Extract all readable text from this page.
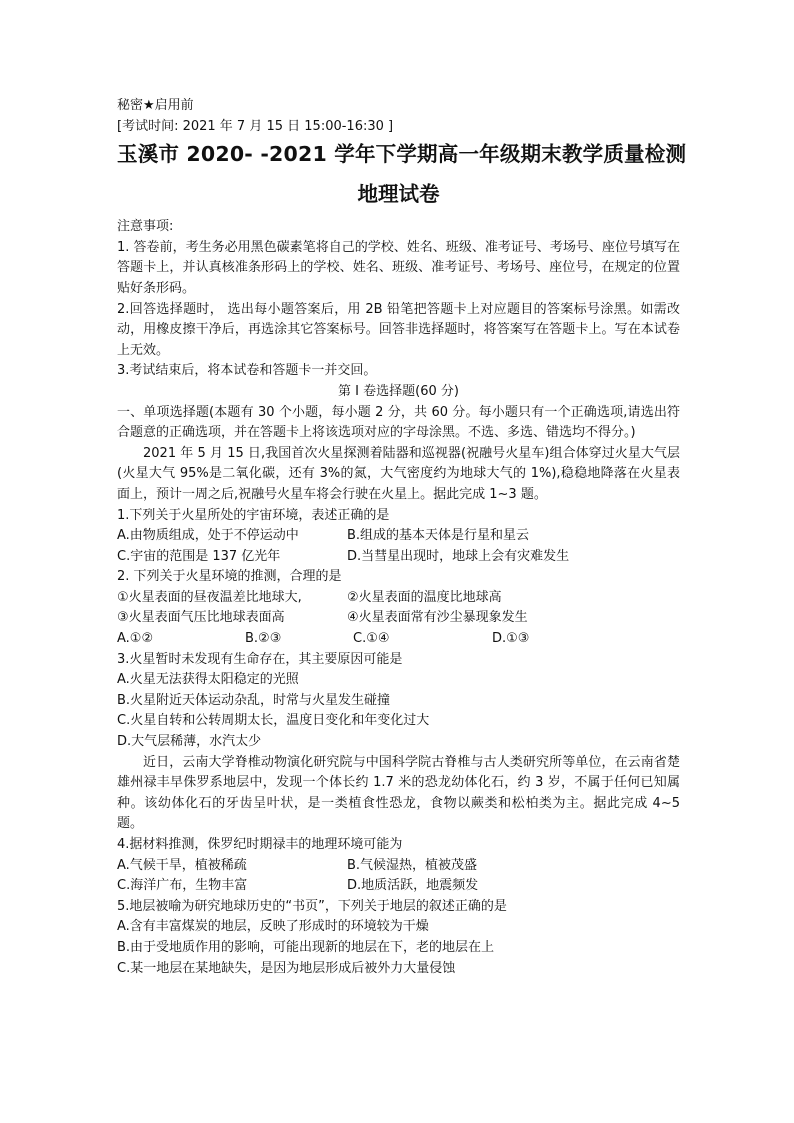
秘密★启用前
[考试时间: 2021 年 7 月 15 日 15:00-16:30 ]
玉溪市 2020- -2021 学年下学期高一年级期末教学质量检测
地理试卷
注意事项:
1. 答卷前，考生务必用黑色碳素笔将自己的学校、姓名、班级、准考证号、考场号、座位号填写在答题卡上，并认真核准条形码上的学校、姓名、班级、准考证号、考场号、座位号，在规定的位置贴好条形码。
2.回答选择题时， 选出每小题答案后，用 2B 铅笔把答题卡上对应题目的答案标号涂黑。如需改动，用橡皮擦干净后，再选涂其它答案标号。回答非选择题时，将答案写在答题卡上。写在本试卷上无效。
3.考试结束后，将本试卷和答题卡一并交回。
第 I 卷选择题(60 分)
一、单项选择题(本题有 30 个小题，每小题 2 分，共 60 分。每小题只有一个正确选项,请选出符合题意的正确选项，并在答题卡上将该选项对应的字母涂黑。不选、多选、错选均不得分。)
2021 年 5 月 15 日,我国首次火星探测着陆器和巡视器(祝融号火星车)组合体穿过火星大气层(火星大气 95%是二氧化碳，还有 3%的氮，大气密度约为地球大气的 1%),稳稳地降落在火星表面上，预计一周之后,祝融号火星车将会行驶在火星上。据此完成 1~3 题。
1.下列关于火星所处的宇宙环境，表述正确的是
A.由物质组成，处于不停运动中	B.组成的基本天体是行星和星云
C.宇宙的范围是 137 亿光年	D.当彗星出现时，地球上会有灾难发生
2. 下列关于火星环境的推测，合理的是
①火星表面的昼夜温差比地球大,	②火星表面的温度比地球高
③火星表面气压比地球表面高	④火星表面常有沙尘暴现象发生
A.①②	B.②③	C.①④	D.①③
3.火星暂时未发现有生命存在，其主要原因可能是
A.火星无法获得太阳稳定的光照
B.火星附近天体运动杂乱，时常与火星发生碰撞
C.火星自转和公转周期太长，温度日变化和年变化过大
D.大气层稀薄，水汽太少
近日，云南大学脊椎动物演化研究院与中国科学院古脊椎与古人类研究所等单位，在云南省楚雄州禄丰早侏罗系地层中，发现一个体长约 1.7 米的恐龙幼体化石，约 3 岁，不属于任何已知属种。该幼体化石的牙齿呈叶状，是一类植食性恐龙，食物以蕨类和松柏类为主。据此完成 4~5 题。
4.据材料推测，侏罗纪时期禄丰的地理环境可能为
A.气候干旱，植被稀疏	B.气候湿热，植被茂盛
C.海洋广布，生物丰富	D.地质活跃，地震频发
5.地层被喻为研究地球历史的“书页”，下列关于地层的叙述正确的是
A.含有丰富煤炭的地层，反映了形成时的环境较为干燥
B.由于受地质作用的影响，可能出现新的地层在下，老的地层在上
C.某一地层在某地缺失，是因为地层形成后被外力大量侵蚀
